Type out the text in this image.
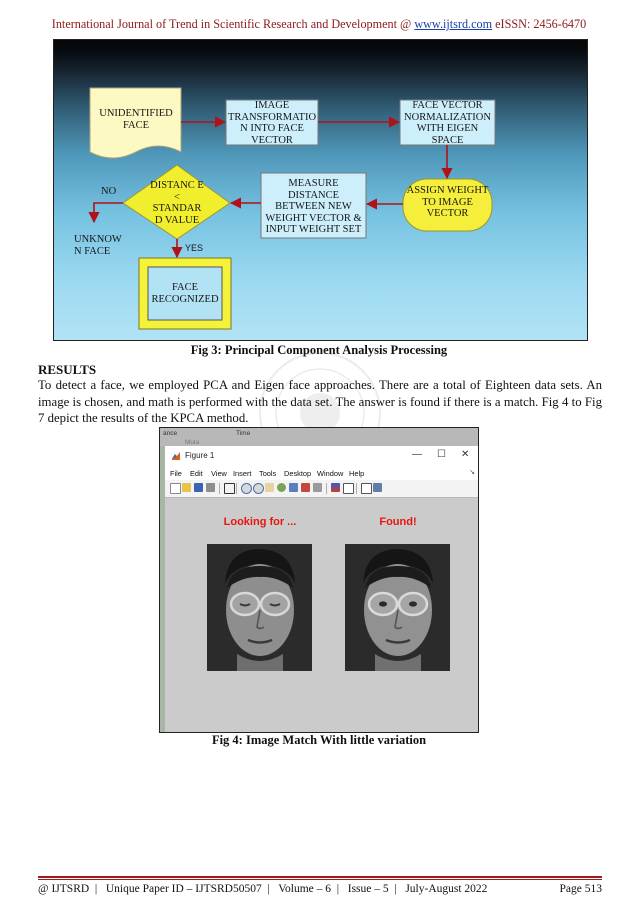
International Journal of Trend in Scientific Research and Development @ www.ijtsrd.com eISSN: 2456-6470
UNIDENTIFIED FACE
IMAGE TRANSFORMATIO N INTO FACE VECTOR
FACE VECTOR NORMALIZATION WITH EIGEN SPACE
ASSIGN WEIGHT TO IMAGE VECTOR
MEASURE DISTANCE BETWEEN NEW WEIGHT VECTOR & INPUT WEIGHT SET
DISTANC E < STANDAR D VALUE
UNKNOW N FACE
FACE RECOGNIZED
NO
YES
Fig 3: Principal Component Analysis Processing
RESULTS
To detect a face, we employed PCA and Eigen face approaches. There are a total of Eighteen data sets. An image is chosen, and math is performed with the data set. The answer is found if there is a match. Fig 4 to Fig 7 depict the results of the KPCA method.
ance	Time
Mula
Figure 1	— ☐ ✕
File Edit View Insert Tools Desktop Window Help	↘
Looking for ...	Found!
Fig 4: Image Match With little variation
@ IJTSRD  |   Unique Paper ID – IJTSRD50507  |   Volume – 6  |   Issue – 5  |   July-August 2022	Page 513
